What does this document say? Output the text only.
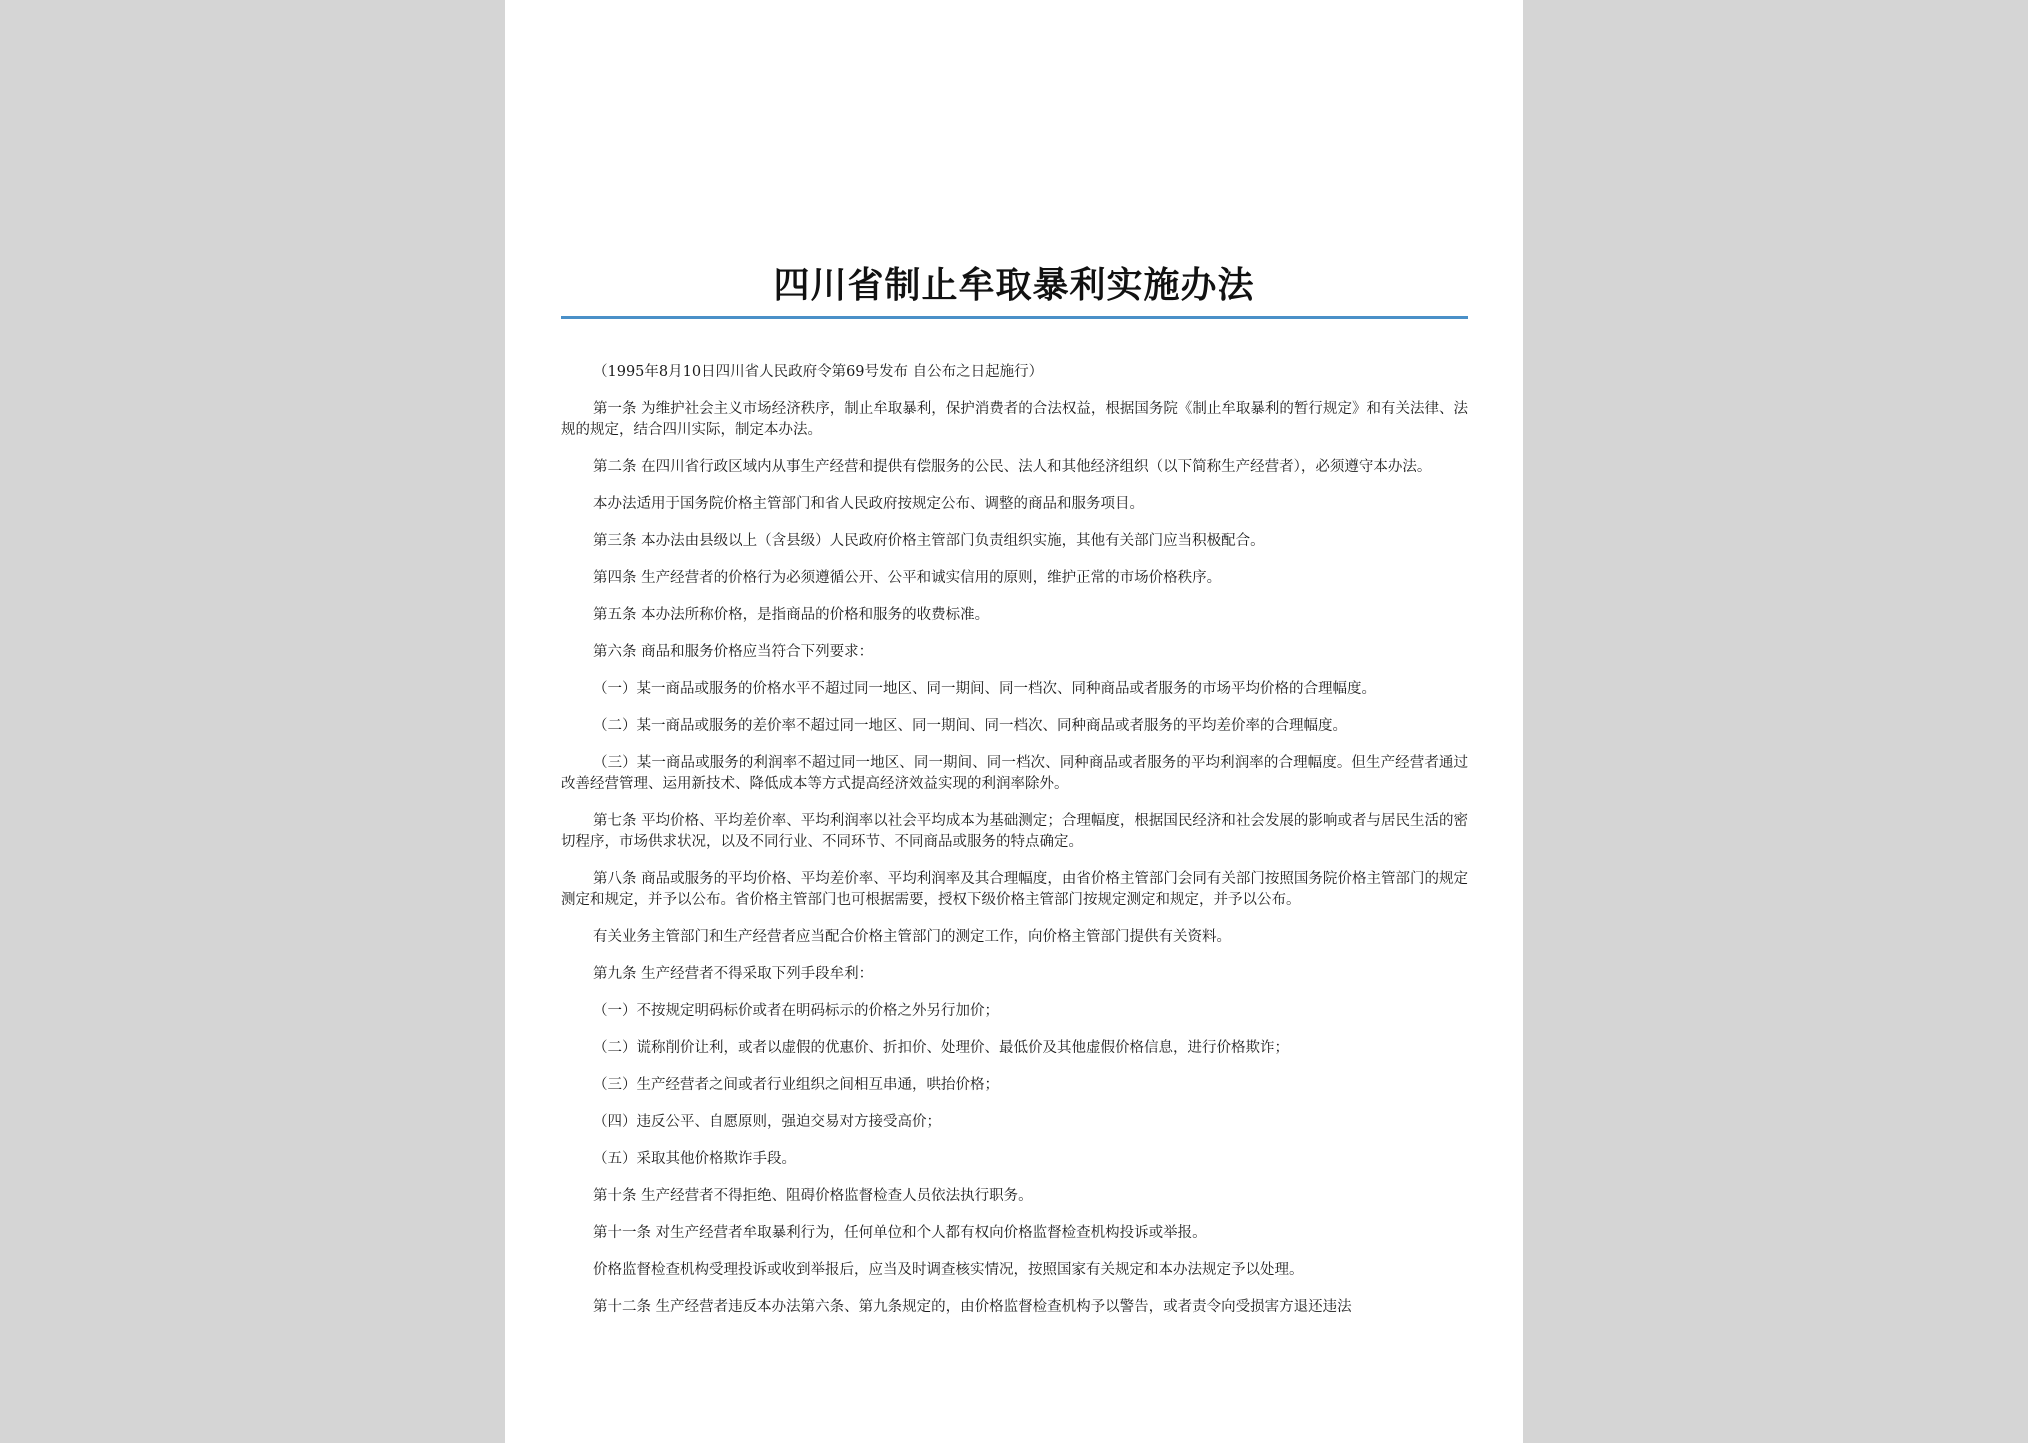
四川省制止牟取暴利实施办法

（1995年8月10日四川省人民政府令第69号发布 自公布之日起施行）

第一条 为维护社会主义市场经济秩序，制止牟取暴利，保护消费者的合法权益，根据国务院《制止牟取暴利的暂行规定》和有关法律、法规的规定，结合四川实际，制定本办法。

第二条 在四川省行政区域内从事生产经营和提供有偿服务的公民、法人和其他经济组织（以下简称生产经营者），必须遵守本办法。

本办法适用于国务院价格主管部门和省人民政府按规定公布、调整的商品和服务项目。

第三条 本办法由县级以上（含县级）人民政府价格主管部门负责组织实施，其他有关部门应当积极配合。

第四条 生产经营者的价格行为必须遵循公开、公平和诚实信用的原则，维护正常的市场价格秩序。

第五条 本办法所称价格，是指商品的价格和服务的收费标准。

第六条 商品和服务价格应当符合下列要求：

（一）某一商品或服务的价格水平不超过同一地区、同一期间、同一档次、同种商品或者服务的市场平均价格的合理幅度。

（二）某一商品或服务的差价率不超过同一地区、同一期间、同一档次、同种商品或者服务的平均差价率的合理幅度。

（三）某一商品或服务的利润率不超过同一地区、同一期间、同一档次、同种商品或者服务的平均利润率的合理幅度。但生产经营者通过改善经营管理、运用新技术、降低成本等方式提高经济效益实现的利润率除外。

第七条 平均价格、平均差价率、平均利润率以社会平均成本为基础测定；合理幅度，根据国民经济和社会发展的影响或者与居民生活的密切程序，市场供求状况，以及不同行业、不同环节、不同商品或服务的特点确定。

第八条 商品或服务的平均价格、平均差价率、平均利润率及其合理幅度，由省价格主管部门会同有关部门按照国务院价格主管部门的规定测定和规定，并予以公布。省价格主管部门也可根据需要，授权下级价格主管部门按规定测定和规定，并予以公布。

有关业务主管部门和生产经营者应当配合价格主管部门的测定工作，向价格主管部门提供有关资料。

第九条 生产经营者不得采取下列手段牟利：

（一）不按规定明码标价或者在明码标示的价格之外另行加价；

（二）谎称削价让利，或者以虚假的优惠价、折扣价、处理价、最低价及其他虚假价格信息，进行价格欺诈；

（三）生产经营者之间或者行业组织之间相互串通，哄抬价格；

（四）违反公平、自愿原则，强迫交易对方接受高价；

（五）采取其他价格欺诈手段。

第十条 生产经营者不得拒绝、阻碍价格监督检查人员依法执行职务。

第十一条 对生产经营者牟取暴利行为，任何单位和个人都有权向价格监督检查机构投诉或举报。

价格监督检查机构受理投诉或收到举报后，应当及时调查核实情况，按照国家有关规定和本办法规定予以处理。

第十二条 生产经营者违反本办法第六条、第九条规定的，由价格监督检查机构予以警告，或者责令向受损害方退还违法
